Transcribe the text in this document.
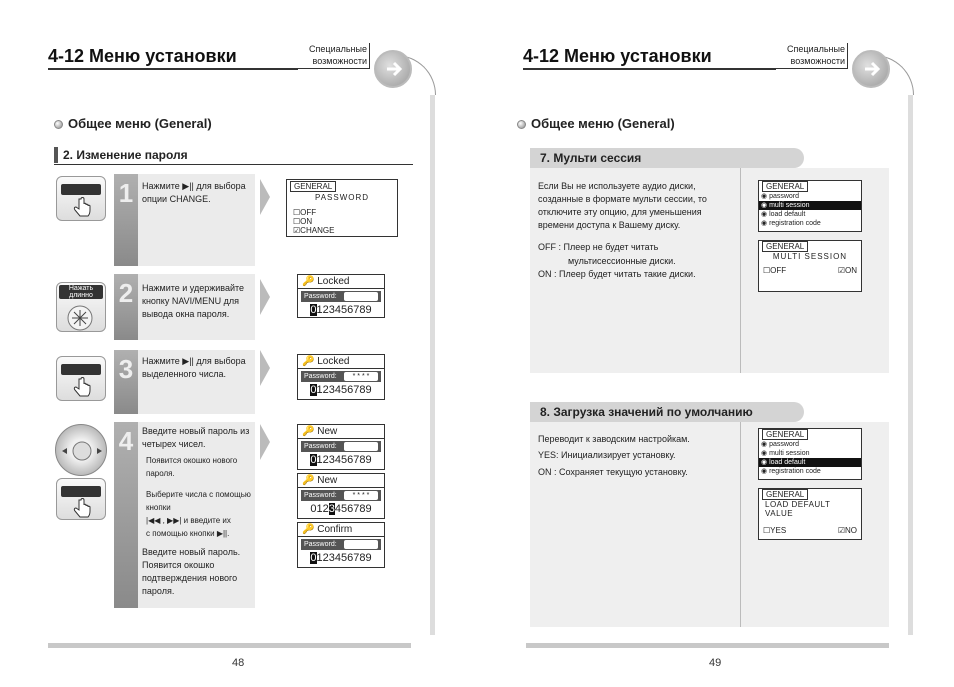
4-12 Меню установки	Специальные
возможности
Общее меню (General)
2. Изменение пароля
1 Нажмите ▶|| для выбора опции CHANGE.
GENERAL
PASSWORD
☐OFF
☐ON
☑CHANGE
2 Нажмите и удерживайте кнопку NAVI/MENU для вывода окна пароля.
Нажать длинно
3 Нажмите ▶|| для выбора выделенного числа.
4 Введите новый пароль из четырех чисел.
Появится окошко нового пароля.
Выберите числа с помощью кнопки
|◀◀ , ▶▶| и введите их
с помощью кнопки ▶||.
Введите новый пароль. Появится окошко подтверждения нового пароля.
🔑 Locked
Password:
0123456789
🔑 Locked
Password:	* * * *
0123456789
🔑 New
Password:
0123456789
🔑 New
Password:	* * * *
0123456789
🔑 Confirm
Password:
0123456789
48
4-12 Меню установки	Специальные
возможности
Общее меню (General)
7. Мульти сессия
Если Вы не используете аудио диски, созданные в формате мульти сессии, то отключите эту опцию, для уменьшения времени доступа к Вашему диску.
OFF : Плеер не будет читать
мультисессионные диски.
ON : Плеер будет читать такие диски.
GENERAL
◉ password
◉ multi session
◉ load default
◉ registration code
GENERAL
MULTI SESSION
☐OFF	☑ON
8. Загрузка значений по умолчанию
Переводит к заводским настройкам.
YES: Инициализирует установку.
ON : Сохраняет текущую установку.
GENERAL
◉ password
◉ multi session
◉ load default
◉ registration code
GENERAL
LOAD DEFAULT VALUE
☐YES	☑NO
49
